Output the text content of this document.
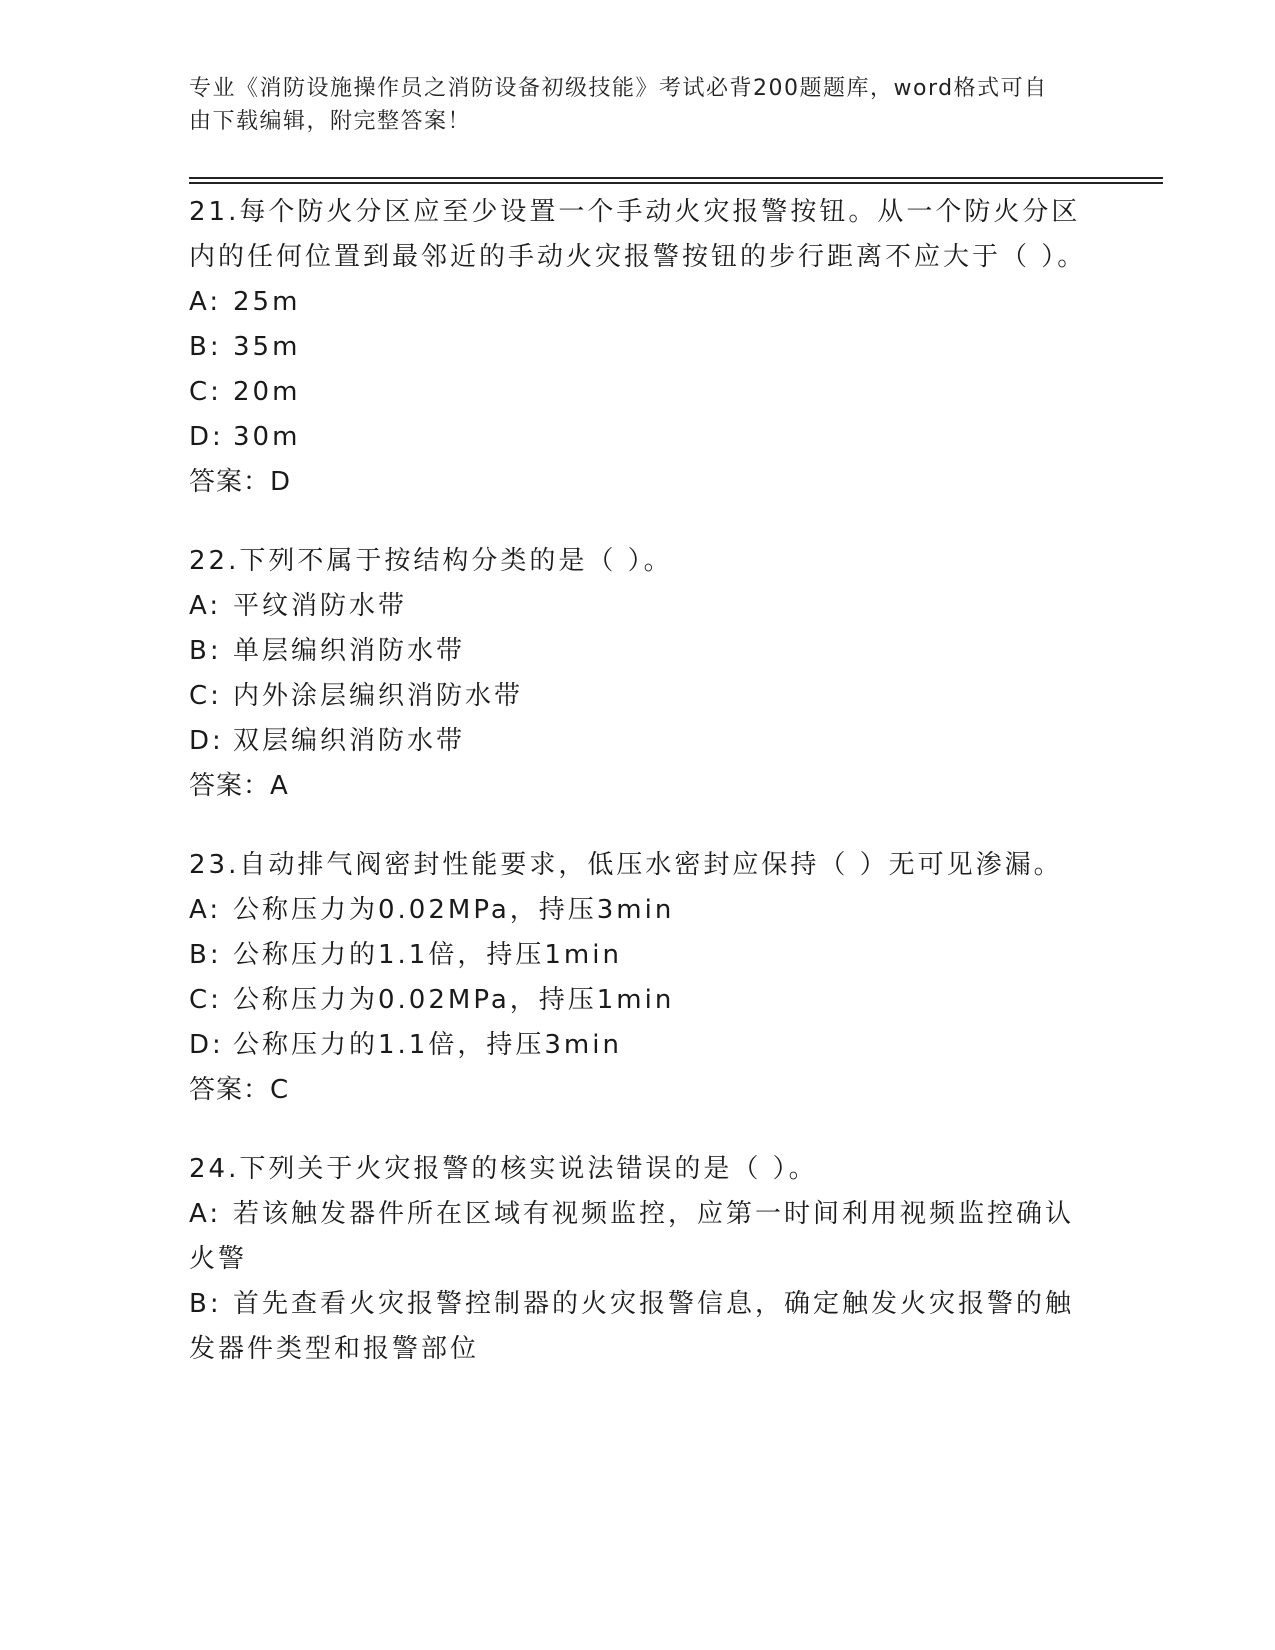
专业《消防设施操作员之消防设备初级技能》考试必背200题题库，word格式可自由下载编辑，附完整答案！

21.每个防火分区应至少设置一个手动火灾报警按钮。从一个防火分区内的任何位置到最邻近的手动火灾报警按钮的步行距离不应大于（ ）。

A: 25m

B: 35m

C: 20m

D: 30m

答案：D

22.下列不属于按结构分类的是（ ）。

A: 平纹消防水带

B: 单层编织消防水带

C: 内外涂层编织消防水带

D: 双层编织消防水带

答案：A

23.自动排气阀密封性能要求，低压水密封应保持（ ）无可见渗漏。

A: 公称压力为0.02MPa，持压3min

B: 公称压力的1.1倍，持压1min

C: 公称压力为0.02MPa，持压1min

D: 公称压力的1.1倍，持压3min

答案：C

24.下列关于火灾报警的核实说法错误的是（ ）。

A: 若该触发器件所在区域有视频监控，应第一时间利用视频监控确认火警

B: 首先查看火灾报警控制器的火灾报警信息，确定触发火灾报警的触发器件类型和报警部位
